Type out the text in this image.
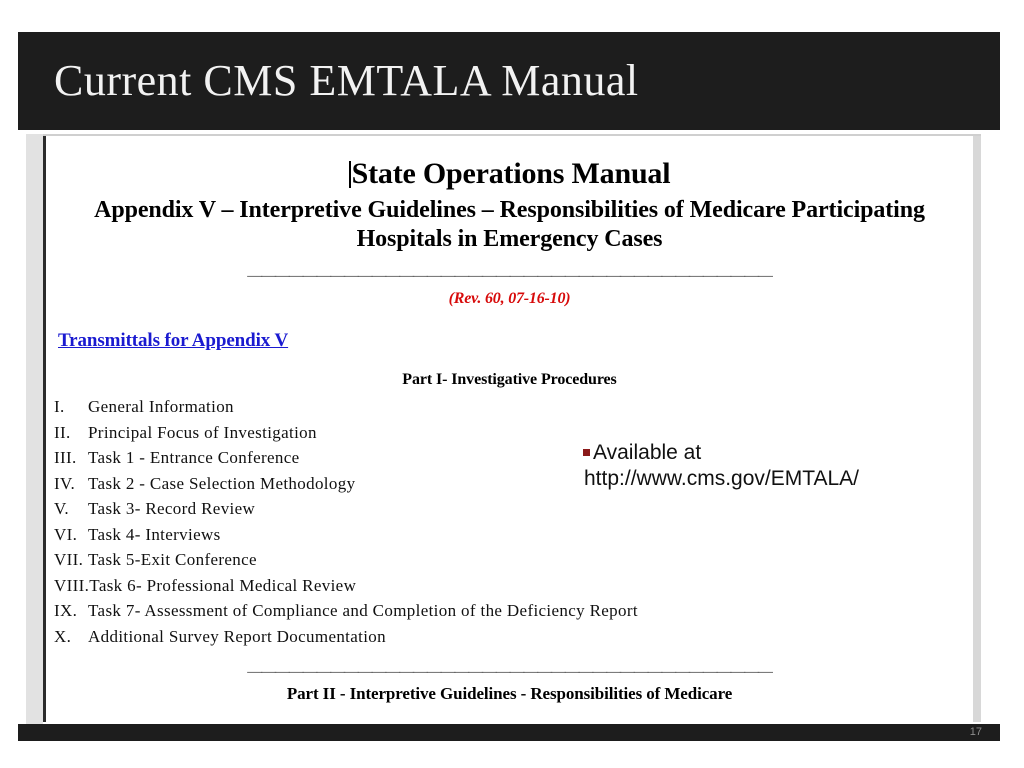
Current CMS EMTALA Manual
State Operations Manual
Appendix V – Interpretive Guidelines – Responsibilities of Medicare Participating Hospitals in Emergency Cases
——————————————————————————————————————
(Rev. 60, 07-16-10)
Transmittals for Appendix V
Part I- Investigative Procedures
I. General Information
II. Principal Focus of Investigation
III. Task 1 - Entrance Conference
IV. Task 2 - Case Selection Methodology
V. Task 3- Record Review
VI. Task 4- Interviews
VII. Task 5-Exit Conference
VIII.Task 6- Professional Medical Review
IX. Task 7- Assessment of Compliance and Completion of the Deficiency Report
X. Additional Survey Report Documentation
——————————————————————————————————————
Part II - Interpretive Guidelines - Responsibilities of Medicare
Available at
http://www.cms.gov/EMTALA/
17
